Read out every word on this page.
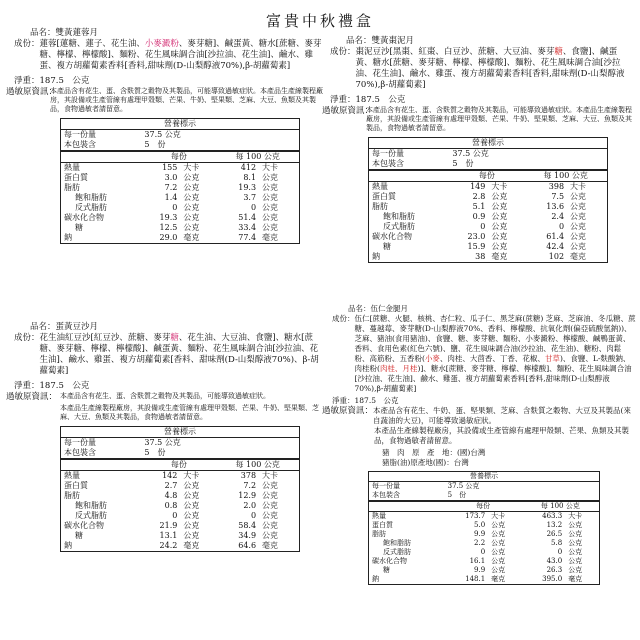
富貴中秋禮盒
品名： 雙黃蓮蓉月
成份： 蓮蓉[蓮糖、蓮子、花生油、小麥澱粉、麥芽糖]、鹹蛋黃、糖水[蔗糖、麥芽糖、檸檬、檸檬酸]、麵粉、花生風味調合油[沙拉油、花生油]、鹼水、雞蛋、複方胡蘿蔔素香料[香料,甜味劑(D-山梨醇液70%),β-胡蘿蔔素]
淨重： 187.5　公克
過敏原資訊：
本產品含有花生、蛋、含麩質之穀物及其製品，可能導致過敏症狀。本產品生產線製程廠房，其設備或生產管線有處理甲殼類、芒果、牛奶、堅果類、芝麻、大豆、魚類及其製品，食物過敏者請留意。
營養標示				
每一份量	37.5 公克			
本包裝含	5　份			
	每份		每 100 公克	
熱量	155	大卡	412	大卡
蛋白質	3.0	公克	8.1	公克
脂肪	7.2	公克	19.3	公克
飽和脂肪	1.4	公克	3.7	公克
反式脂肪	0	公克	0	公克
碳水化合物	19.3	公克	51.4	公克
糖	12.5	公克	33.4	公克
鈉	29.0	毫克	77.4	毫克
品名： 雙黃棗泥月
成份： 棗泥豆沙[黑棗、紅棗、白豆沙、蔗糖、大豆油、麥芽糖、食鹽]、鹹蛋黃、糖水[蔗糖、麥芽糖、檸檬、檸檬酸]、麵粉、花生風味調合油[沙拉油、花生油]、鹼水、雞蛋、複方胡蘿蔔素香料[香料,甜味劑(D-山梨醇液70%),β-胡蘿蔔素]
淨重： 187.5　公克
過敏原資訊：
本產品含有花生、蛋、含麩質之穀物及其製品，可能導致過敏症狀。本產品生產線製程廠房，其設備或生產管線有處理甲殼類、芒果、牛奶、堅果類、芝麻、大豆、魚類及其製品，食物過敏者請留意。
營養標示				
每一份量	37.5 公克			
本包裝含	5　份			
	每份		每 100 公克	
熱量	149	大卡	398	大卡
蛋白質	2.8	公克	7.5	公克
脂肪	5.1	公克	13.6	公克
飽和脂肪	0.9	公克	2.4	公克
反式脂肪	0	公克	0	公克
碳水化合物	23.0	公克	61.4	公克
糖	15.9	公克	42.4	公克
鈉	38	毫克	102	毫克
品名： 蛋黃豆沙月
成份： 花生油紅豆沙[紅豆沙、蔗糖、麥芽糖、花生油、大豆油、食鹽]、糖水[蔗糖、麥芽糖、檸檬、檸檬酸]、鹹蛋黃、麵粉、花生風味調合油[沙拉油、花生油]、鹼水、雞蛋、複方胡蘿蔔素[香料、甜味劑(D-山梨醇液70%)、β-胡蘿蔔素]
淨重： 187.5　公克
過敏原資訊： 本產品含有花生、蛋、含麩質之穀物及其製品，可能導致過敏症狀。
本產品生產線製程廠房，其設備或生產管線有處理甲殼類、芒果、牛奶、堅果類、芝麻、大豆、魚類及其製品，食物過敏者請留意。
營養標示				
每一份量	37.5 公克			
本包裝含	5　份			
	每份		每 100 公克	
熱量	142	大卡	378	大卡
蛋白質	2.7	公克	7.2	公克
脂肪	4.8	公克	12.9	公克
飽和脂肪	0.8	公克	2.0	公克
反式脂肪	0	公克	0	公克
碳水化合物	21.9	公克	58.4	公克
糖	13.1	公克	34.9	公克
鈉	24.2	毫克	64.6	毫克
品名： 伍仁金腿月
成份： 伍仁[蔗糖、火腿、核桃、杏仁粒、瓜子仁、黑芝麻(蔗糖) 芝麻、芝麻油、冬瓜糖、蔗糖、蔓越莓、麥芽糖(D-山梨醇液70%、香料、檸檬酸、抗氧化劑(偏亞硫酸氫鈉))、芝麻、豬油(食用豬油)、食鹽、糖、麥芽糖、麵粉、小麥澱粉、檸檬酸、鹹鴨蛋黃、香料、食用色素(紅色六號)、鹽、花生風味調合油(沙拉油、花生油)、糖粉、肉鬆粉、高筋粉、五香粉(小麥、肉桂、大茴香、丁香、花椒、甘草)、食鹽、L-麩酸鈉、肉桂粉(肉桂、月桂)]、糖水[蔗糖、麥芽糖、檸檬、檸檬酸]、麵粉、花生風味調合油[沙拉油、花生油]、鹼水、雞蛋、複方胡蘿蔔素香料[香料,甜味劑(D-山梨醇液70%),β-胡蘿蔔素]
淨重： 187.5　公克
過敏原資訊： 本產品含有花生、牛奶、蛋、堅果類、芝麻、含麩質之穀物、大豆及其製品(來自蔬油的大豆)，可能導致過敏症狀。
本產品生產線製程廠房，其設備或生產管線有處理甲殼類、芒果、魚類及其製品，食物過敏者請留意。
豬　肉　原　產　地：(國)台灣
豬脂(油)原產地(國)：台灣
營養標示				
每一份量	37.5 公克			
本包裝含	5　份			
	每份		每 100 公克	
熱量	173.7	大卡	463.3	大卡
蛋白質	5.0	公克	13.2	公克
脂肪	9.9	公克	26.5	公克
飽和脂肪	2.2	公克	5.8	公克
反式脂肪	0	公克	0	公克
碳水化合物	16.1	公克	43.0	公克
糖	9.9	公克	26.3	公克
鈉	148.1	毫克	395.0	毫克
